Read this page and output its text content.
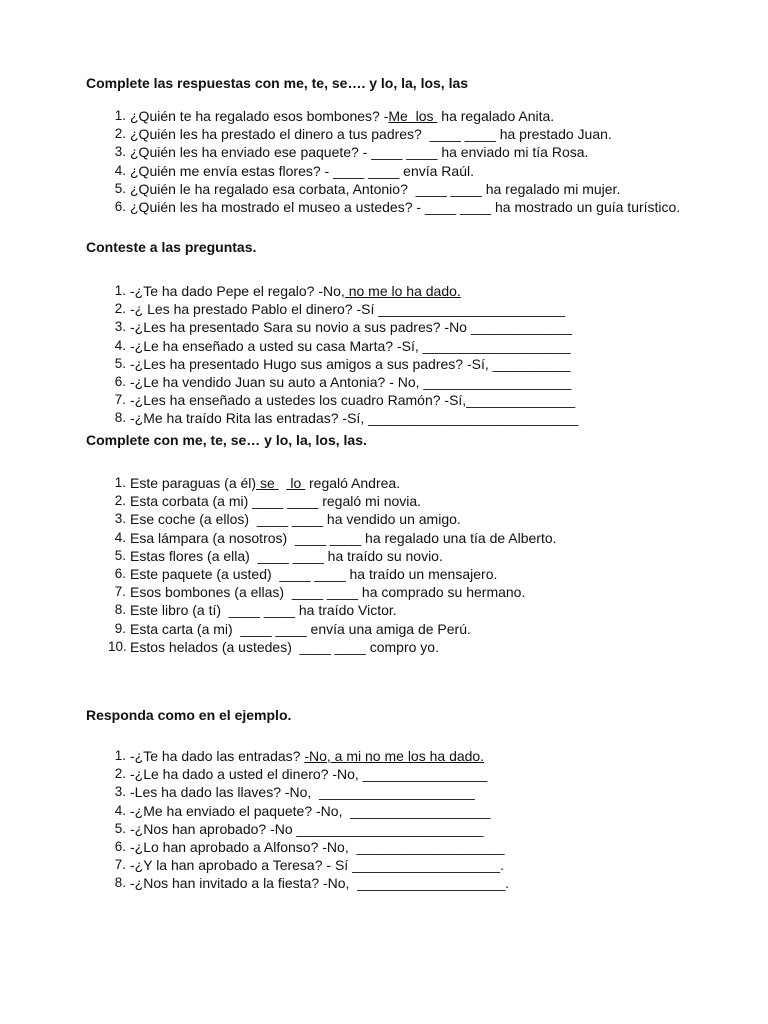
Complete las respuestas con me, te, se…. y lo, la, los, las
1. ¿Quién te ha regalado esos bombones? -Me  los  ha regalado Anita.
2. ¿Quién les ha prestado el dinero a tus padres?  ____ ____ ha prestado Juan.
3. ¿Quién les ha enviado ese paquete? - ____ ____ ha enviado mi tía Rosa.
4. ¿Quién me envía estas flores? - ____ ____ envía Raúl.
5. ¿Quién le ha regalado esa corbata, Antonio?  ____ ____ ha regalado mi mujer.
6. ¿Quién les ha mostrado el museo a ustedes? - ____ ____ ha mostrado un guía turístico.
Conteste a las preguntas.
1. -¿Te ha dado Pepe el regalo? -No, no me lo ha dado.
2. -¿ Les ha prestado Pablo el dinero? -Sí ________________________
3. -¿Les ha presentado Sara su novio a sus padres? -No _____________
4. -¿Le ha enseñado a usted su casa Marta? -Sí, ___________________
5. -¿Les ha presentado Hugo sus amigos a sus padres? -Sí, __________
6. -¿Le ha vendido Juan su auto a Antonia? - No, ___________________
7. -¿Les ha enseñado a ustedes los cuadro Ramón? -Sí,______________
8. -¿Me ha traído Rita las entradas? -Sí, ___________________________
Complete con me, te, se… y lo, la, los, las.
1. Este paraguas (a él) se    lo  regaló Andrea.
2. Esta corbata (a mi) ____ ____ regaló mi novia.
3. Ese coche (a ellos)  ____ ____ ha vendido un amigo.
4. Esa lámpara (a nosotros)  ____ ____ ha regalado una tía de Alberto.
5. Estas flores (a ella)  ____ ____ ha traído su novio.
6. Este paquete (a usted)  ____ ____ ha traído un mensajero.
7. Esos bombones (a ellas)  ____ ____ ha comprado su hermano.
8. Este libro (a tí)  ____ ____ ha traído Victor.
9. Esta carta (a mi)  ____ ____ envía una amiga de Perú.
10. Estos helados (a ustedes)  ____ ____ compro yo.
Responda como en el ejemplo.
1. -¿Te ha dado las entradas? -No, a mi no me los ha dado.
2. -¿Le ha dado a usted el dinero? -No, ________________
3. -Les ha dado las llaves? -No,  ____________________
4. -¿Me ha enviado el paquete? -No,  __________________
5. -¿Nos han aprobado? -No ________________________
6. -¿Lo han aprobado a Alfonso? -No,  ___________________
7. -¿Y la han aprobado a Teresa? - Sí ___________________.
8. -¿Nos han invitado a la fiesta? -No,  ___________________.
